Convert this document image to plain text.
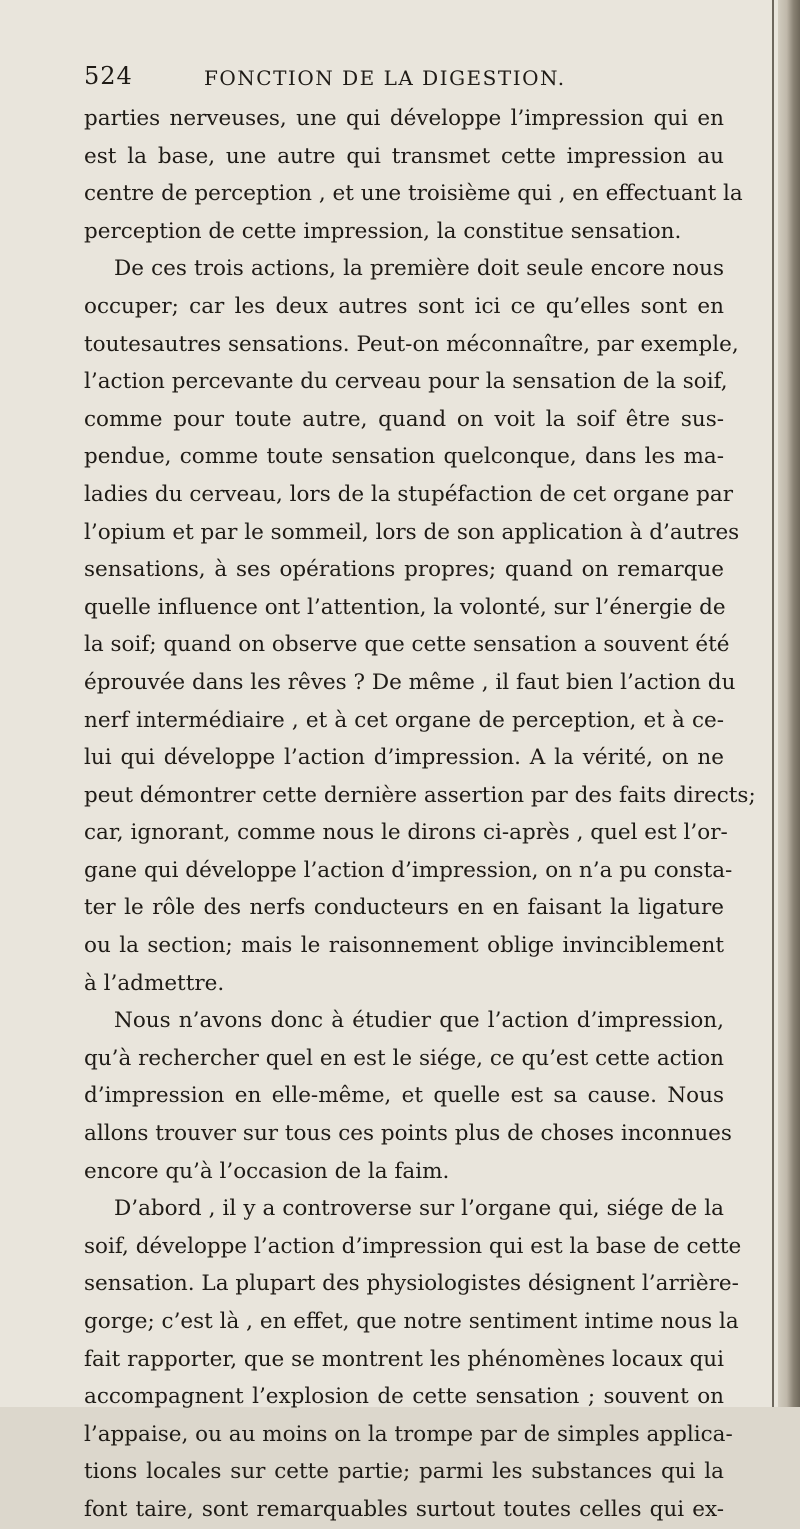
524	FONCTION DE LA DIGESTION.
parties nerveuses, une qui développe l’impression qui en
est la base, une autre qui transmet cette impression au
centre de perception , et une troisième qui , en effectuant la
perception de cette impression, la constitue sensation.
De ces trois actions, la première doit seule encore nous
occuper; car les deux autres sont ici ce qu’elles sont en
toutesautres sensations. Peut-on méconnaître, par exemple,
l’action percevante du cerveau pour la sensation de la soif,
comme pour toute autre, quand on voit la soif être sus-
pendue, comme toute sensation quelconque, dans les ma-
ladies du cerveau, lors de la stupéfaction de cet organe par
l’opium et par le sommeil, lors de son application à d’autres
sensations, à ses opérations propres; quand on remarque
quelle influence ont l’attention, la volonté, sur l’énergie de
la soif; quand on observe que cette sensation a souvent été
éprouvée dans les rêves ? De même , il faut bien l’action du
nerf intermédiaire , et à cet organe de perception, et à ce-
lui qui développe l’action d’impression. A la vérité, on ne
peut démontrer cette dernière assertion par des faits directs;
car, ignorant, comme nous le dirons ci-après , quel est l’or-
gane qui développe l’action d’impression, on n’a pu consta-
ter le rôle des nerfs conducteurs en en faisant la ligature
ou la section; mais le raisonnement oblige invinciblement
à l’admettre.
Nous n’avons donc à étudier que l’action d’impression,
qu’à rechercher quel en est le siége, ce qu’est cette action
d’impression en elle-même, et quelle est sa cause. Nous
allons trouver sur tous ces points plus de choses inconnues
encore qu’à l’occasion de la faim.
D’abord , il y a controverse sur l’organe qui, siége de la
soif, développe l’action d’impression qui est la base de cette
sensation. La plupart des physiologistes désignent l’arrière-
gorge; c’est là , en effet, que notre sentiment intime nous la
fait rapporter, que se montrent les phénomènes locaux qui
accompagnent l’explosion de cette sensation ; souvent on
l’appaise, ou au moins on la trompe par de simples applica-
tions locales sur cette partie; parmi les substances qui la
font taire, sont remarquables surtout toutes celles qui ex-
